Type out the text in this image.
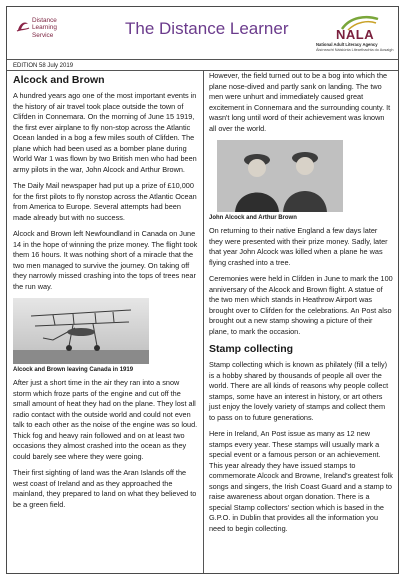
Distance
Learning
Service	The Distance Learner	NALA
National Adult Literacy Agency
Áisíneacht Náisiúnta Litearthachta do Aosaigh
EDITION 58 July 2019
Alcock and Brown

A hundred years ago one of the most important events in the history of air travel took place outside the town of Clifden in Connemara. On the morning of June 15 1919, the first ever airplane to fly non-stop across the Atlantic Ocean landed in a bog a few miles south of Clifden. The plane which had been used as a bomber plane during World War 1 was flown by two British men who had been army pilots in the war, John Alcock and Arthur Brown.

The Daily Mail newspaper had put up a prize of £10,000 for the first pilots to fly nonstop across the Atlantic Ocean from America to Europe. Several attempts had been made already but with no success.

Alcock and Brown left Newfoundland in Canada on June 14 in the hope of winning the prize money. The flight took them 16 hours. It was nothing short of a miracle that the two men managed to survive the journey. On taking off they narrowly missed crashing into the tops of trees near the run way.

Alcock and Brown leaving Canada in 1919

After just a short time in the air they ran into a snow storm which froze parts of the engine and cut off the small amount of heat they had on the plane. They lost all radio contact with the outside world and could not even talk to each other as the noise of the engine was so loud. Thick fog and heavy rain followed and on at least two occasions they almost crashed into the ocean as they could barely see where they were going.

Their first sighting of land was the Aran Islands off the west coast of Ireland and as they approached the mainland, they prepared to land on what they believed to be a green field.

However, the field turned out to be a bog into which the plane nose-dived and partly sank on landing. The two men were unhurt and immediately caused great excitement in Connemara and the surrounding county. It wasn't long until word of their achievement was known all over the world.

John Alcock and Arthur Brown

On returning to their native England a few days later they were presented with their prize money. Sadly, later that year John Alcock was killed when a plane he was flying crashed into a tree.

Ceremonies were held in Clifden in June to mark the 100 anniversary of the Alcock and Brown flight. A statue of the two men which stands in Heathrow Airport was brought over to Clifden for the celebrations. An Post also brought out a new stamp showing a picture of their plane, to mark the occasion.

Stamp collecting

Stamp collecting which is known as philately (fill a telly) is a hobby shared by thousands of people all over the world. There are all kinds of reasons why people collect stamps, some have an interest in history, or art others just enjoy the lovely variety of stamps and collect them to pass on to future generations.

Here in Ireland, An Post issue as many as 12 new stamps every year. These stamps will usually mark a special event or a famous person or an achievement. This year already they have issued stamps to commemorate Alcock and Browne, Ireland's greatest folk songs and singers, the Irish Coast Guard and a stamp to raise awareness about organ donation. There is a special Stamp collectors' section which is based in the G.P.O. in Dublin that provides all the information you need to begin collecting.
